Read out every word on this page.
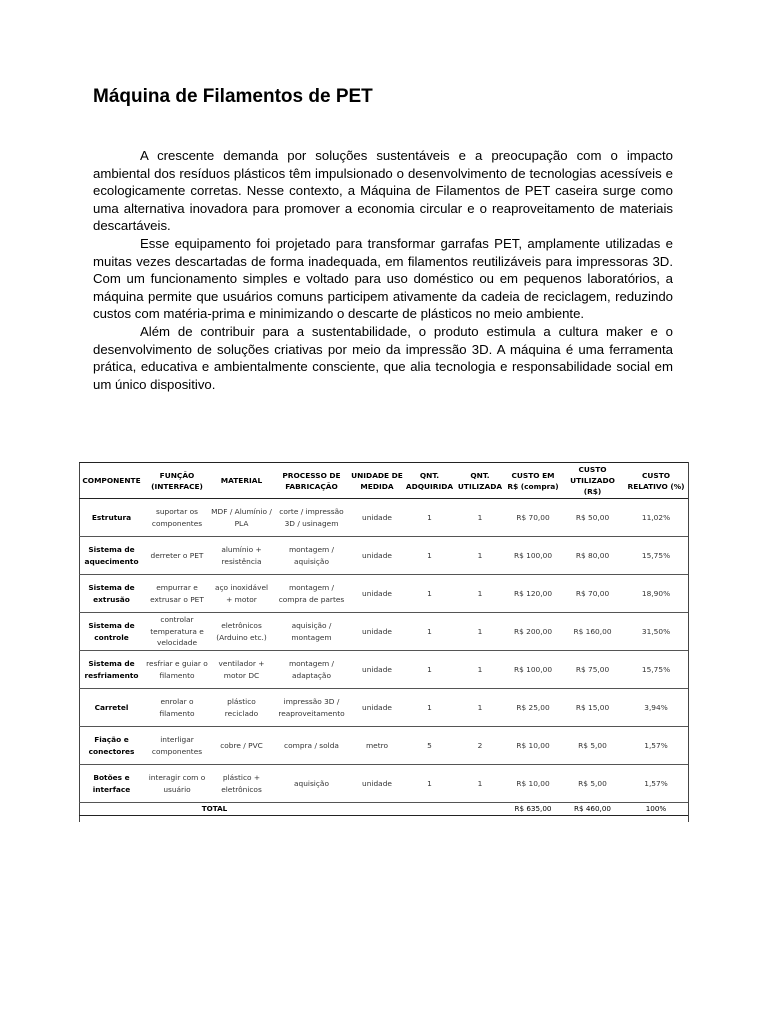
Máquina de Filamentos de PET

A crescente demanda por soluções sustentáveis e a preocupação com o impacto ambiental dos resíduos plásticos têm impulsionado o desenvolvimento de tecnologias acessíveis e ecologicamente corretas. Nesse contexto, a Máquina de Filamentos de PET caseira surge como uma alternativa inovadora para promover a economia circular e o reaproveitamento de materiais descartáveis.

Esse equipamento foi projetado para transformar garrafas PET, amplamente utilizadas e muitas vezes descartadas de forma inadequada, em filamentos reutilizáveis para impressoras 3D. Com um funcionamento simples e voltado para uso doméstico ou em pequenos laboratórios, a máquina permite que usuários comuns participem ativamente da cadeia de reciclagem, reduzindo custos com matéria-prima e minimizando o descarte de plásticos no meio ambiente.

Além de contribuir para a sustentabilidade, o produto estimula a cultura maker e o desenvolvimento de soluções criativas por meio da impressão 3D. A máquina é uma ferramenta prática, educativa e ambientalmente consciente, que alia tecnologia e responsabilidade social em um único dispositivo.

COMPONENTE	FUNÇÃO (INTERFACE)	MATERIAL	PROCESSO DE FABRICAÇÃO	UNIDADE DE MEDIDA	QNT. ADQUIRIDA	QNT. UTILIZADA	CUSTO EM R$ (compra)	CUSTO UTILIZADO (R$)	CUSTO RELATIVO (%)
Estrutura	suportar os componentes	MDF / Alumínio / PLA	corte / impressão 3D / usinagem	unidade	1	1	R$ 70,00	R$ 50,00	11,02%
Sistema de aquecimento	derreter o PET	alumínio + resistência	montagem / aquisição	unidade	1	1	R$ 100,00	R$ 80,00	15,75%
Sistema de extrusão	empurrar e extrusar o PET	aço inoxidável + motor	montagem / compra de partes	unidade	1	1	R$ 120,00	R$ 70,00	18,90%
Sistema de controle	controlar temperatura e velocidade	eletrônicos (Arduino etc.)	aquisição / montagem	unidade	1	1	R$ 200,00	R$ 160,00	31,50%
Sistema de resfriamento	resfriar e guiar o filamento	ventilador + motor DC	montagem / adaptação	unidade	1	1	R$ 100,00	R$ 75,00	15,75%
Carretel	enrolar o filamento	plástico reciclado	impressão 3D / reaproveitamento	unidade	1	1	R$ 25,00	R$ 15,00	3,94%
Fiação e conectores	interligar componentes	cobre / PVC	compra / solda	metro	5	2	R$ 10,00	R$ 5,00	1,57%
Botões e interface	interagir com o usuário	plástico + eletrônicos	aquisição	unidade	1	1	R$ 10,00	R$ 5,00	1,57%
TOTAL							R$ 635,00	R$ 460,00	100%
